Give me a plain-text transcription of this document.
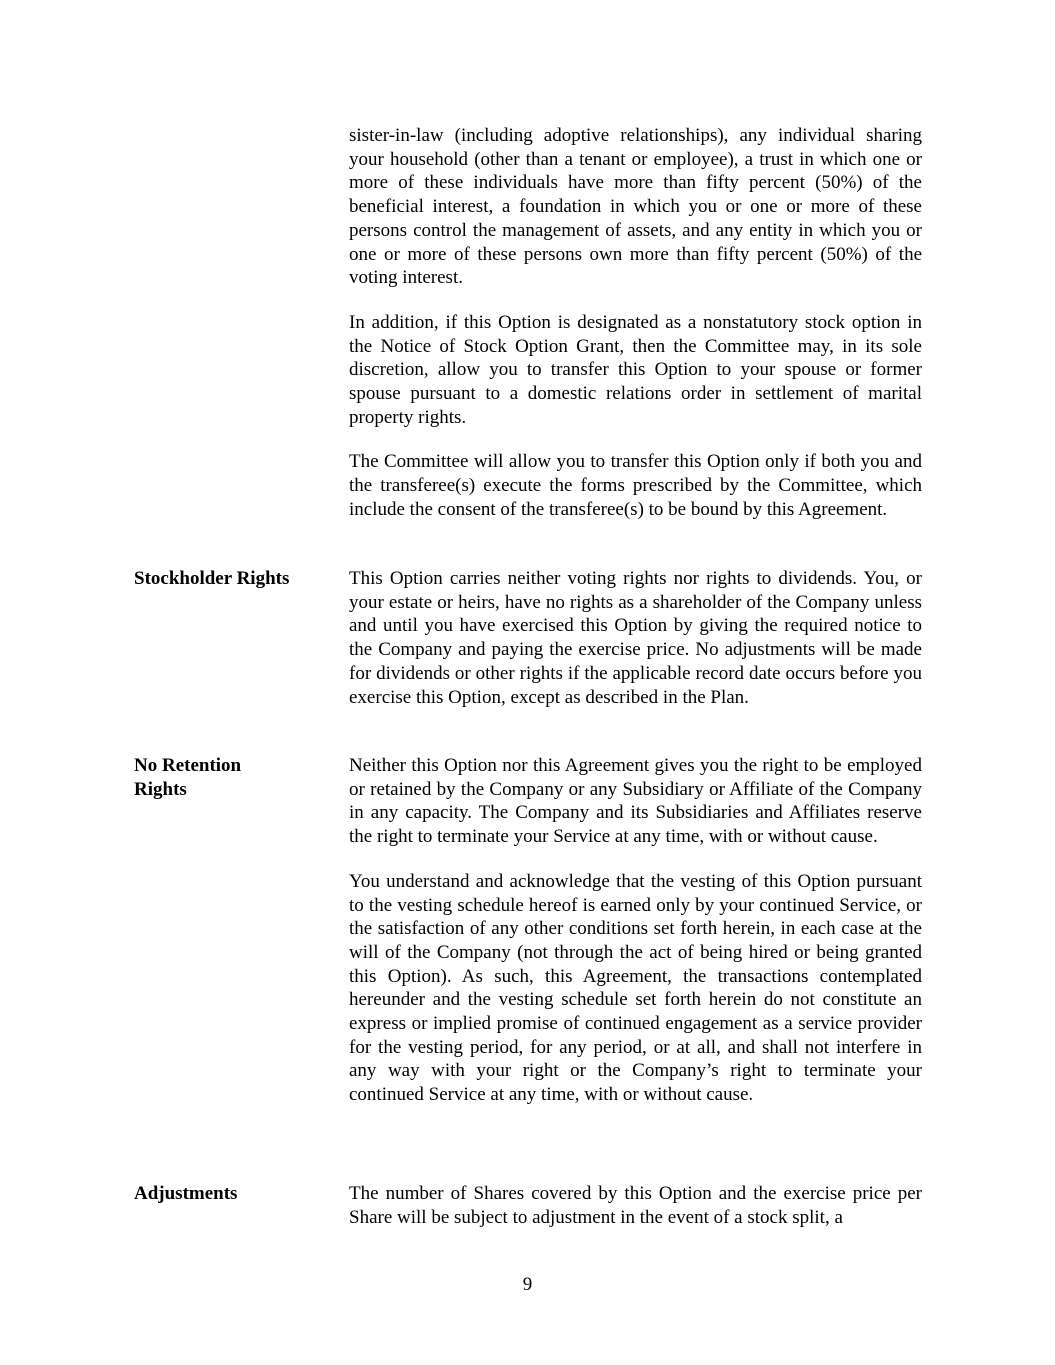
sister-in-law (including adoptive relationships), any individual sharing your household (other than a tenant or employee), a trust in which one or more of these individuals have more than fifty percent (50%) of the beneficial interest, a foundation in which you or one or more of these persons control the management of assets, and any entity in which you or one or more of these persons own more than fifty percent (50%) of the voting interest.

In addition, if this Option is designated as a nonstatutory stock option in the Notice of Stock Option Grant, then the Committee may, in its sole discretion, allow you to transfer this Option to your spouse or former spouse pursuant to a domestic relations order in settlement of marital property rights.

The Committee will allow you to transfer this Option only if both you and the transferee(s) execute the forms prescribed by the Committee, which include the consent of the transferee(s) to be bound by this Agreement.

Stockholder Rights	This Option carries neither voting rights nor rights to dividends. You, or your estate or heirs, have no rights as a shareholder of the Company unless and until you have exercised this Option by giving the required notice to the Company and paying the exercise price. No adjustments will be made for dividends or other rights if the applicable record date occurs before you exercise this Option, except as described in the Plan.

No Retention
Rights

Neither this Option nor this Agreement gives you the right to be employed or retained by the Company or any Subsidiary or Affiliate of the Company in any capacity. The Company and its Subsidiaries and Affiliates reserve the right to terminate your Service at any time, with or without cause.

You understand and acknowledge that the vesting of this Option pursuant to the vesting schedule hereof is earned only by your continued Service, or the satisfaction of any other conditions set forth herein, in each case at the will of the Company (not through the act of being hired or being granted this Option). As such, this Agreement, the transactions contemplated hereunder and the vesting schedule set forth herein do not constitute an express or implied promise of continued engagement as a service provider for the vesting period, for any period, or at all, and shall not interfere in any way with your right or the Company’s right to terminate your continued Service at any time, with or without cause.

Adjustments	The number of Shares covered by this Option and the exercise price per Share will be subject to adjustment in the event of a stock split, a

9
